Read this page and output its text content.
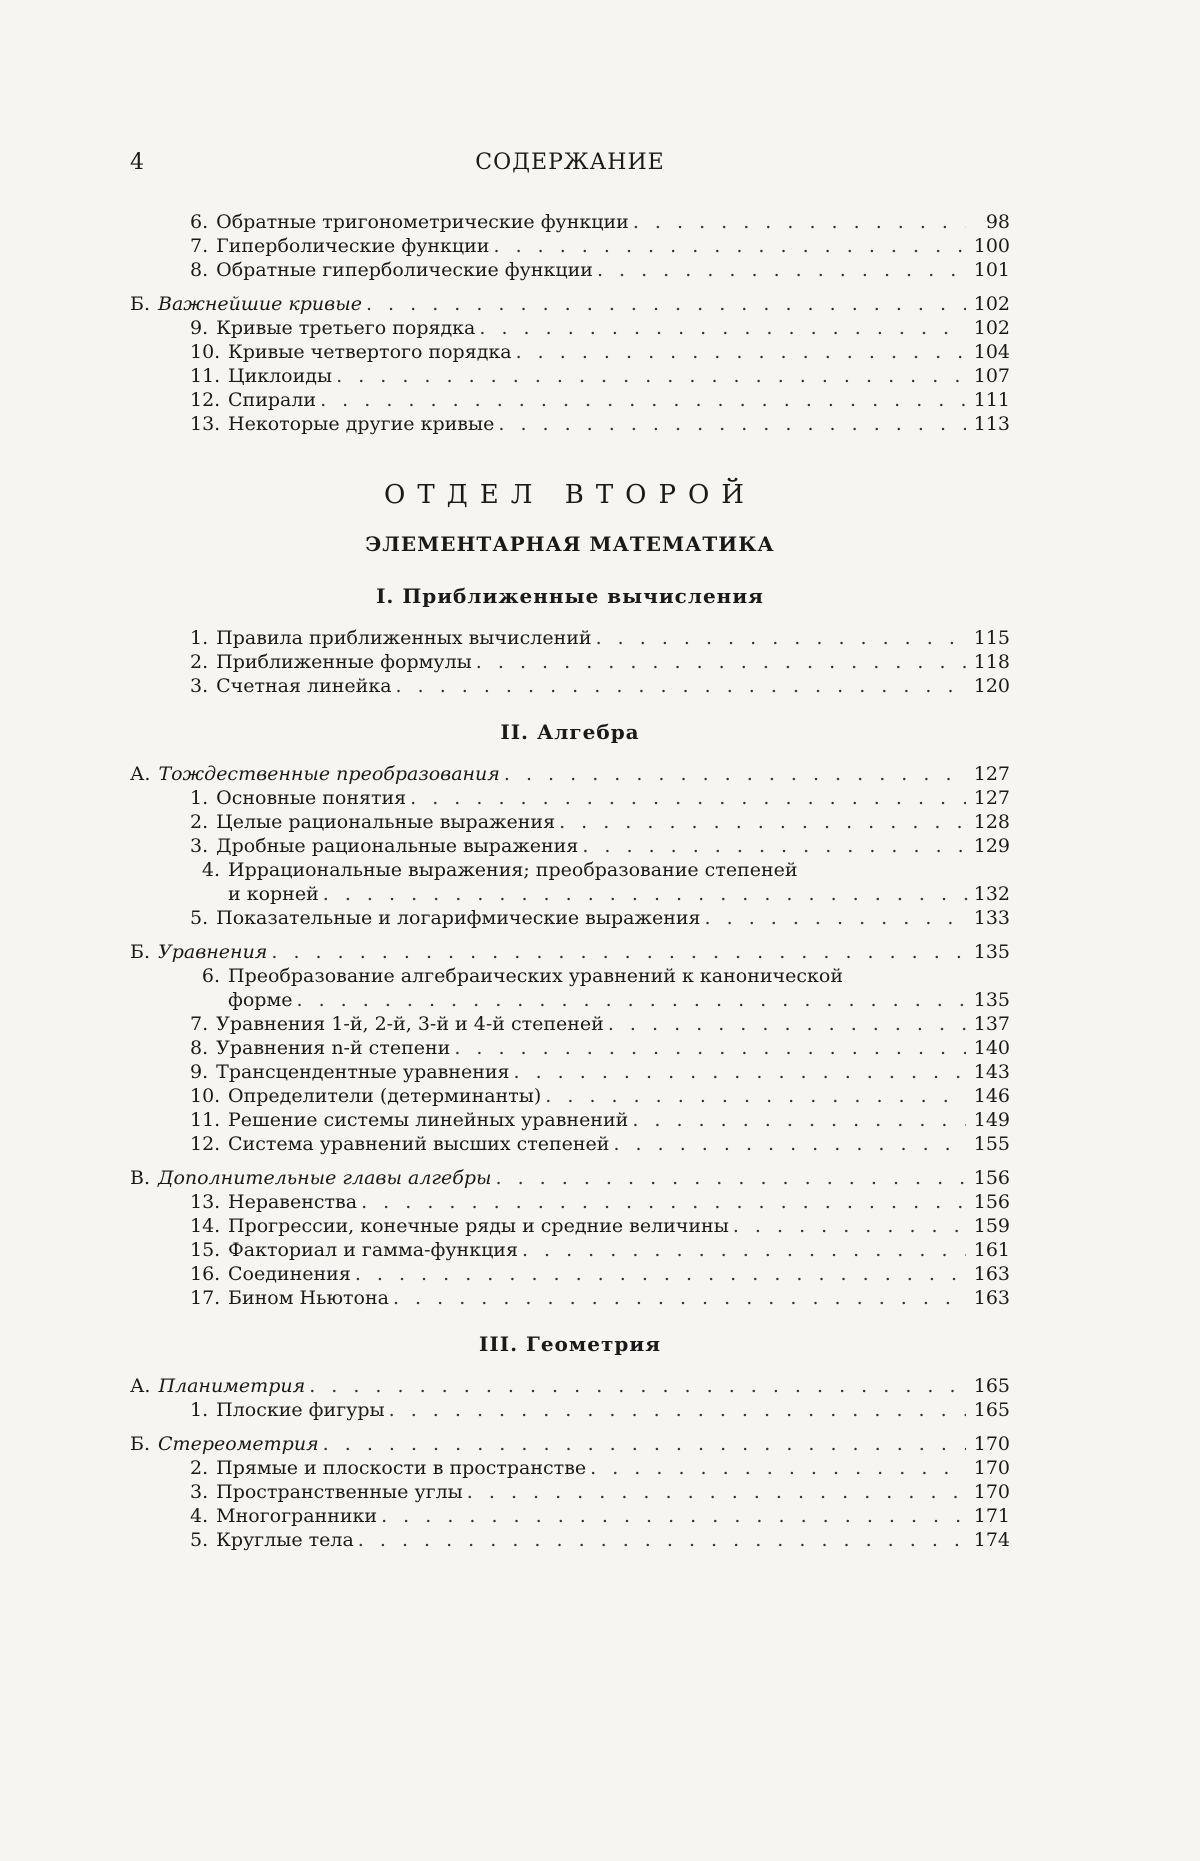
4	СОДЕРЖАНИЕ
6. Обратные тригонометрические функции . . .	98
7. Гиперболические функции . . .	100
8. Обратные гиперболические функции . . .	101
Б. Важнейшие кривые . . .	102
9. Кривые третьего порядка . . .	102
10. Кривые четвертого порядка . . .	104
11. Циклоиды . . .	107
12. Спирали . . .	111
13. Некоторые другие кривые . . .	113
ОТДЕЛ ВТОРОЙ
ЭЛЕМЕНТАРНАЯ МАТЕМАТИКА
I. Приближенные вычисления
1. Правила приближенных вычислений . . .	115
2. Приближенные формулы . . .	118
3. Счетная линейка . . .	120
II. Алгебра
А. Тождественные преобразования . . .	127
1. Основные понятия . . .	127
2. Целые рациональные выражения . . .	128
3. Дробные рациональные выражения . . .	129
4. Иррациональные выражения; преобразование степеней
и корней . . .	132
5. Показательные и логарифмические выражения . . .	133
Б. Уравнения . . .	135
6. Преобразование алгебраических уравнений к канонической
форме . . .	135
7. Уравнения 1-й, 2-й, 3-й и 4-й степеней . . .	137
8. Уравнения n-й степени . . .	140
9. Трансцендентные уравнения . . .	143
10. Определители (детерминанты) . . .	146
11. Решение системы линейных уравнений . . .	149
12. Система уравнений высших степеней . . .	155
В. Дополнительные главы алгебры . . .	156
13. Неравенства . . .	156
14. Прогрессии, конечные ряды и средние величины . . .	159
15. Факториал и гамма-функция . . .	161
16. Соединения . . .	163
17. Бином Ньютона . . .	163
III. Геометрия
А. Планиметрия . . .	165
1. Плоские фигуры . . .	165
Б. Стереометрия . . .	170
2. Прямые и плоскости в пространстве . . .	170
3. Пространственные углы . . .	170
4. Многогранники . . .	171
5. Круглые тела . . .	174
